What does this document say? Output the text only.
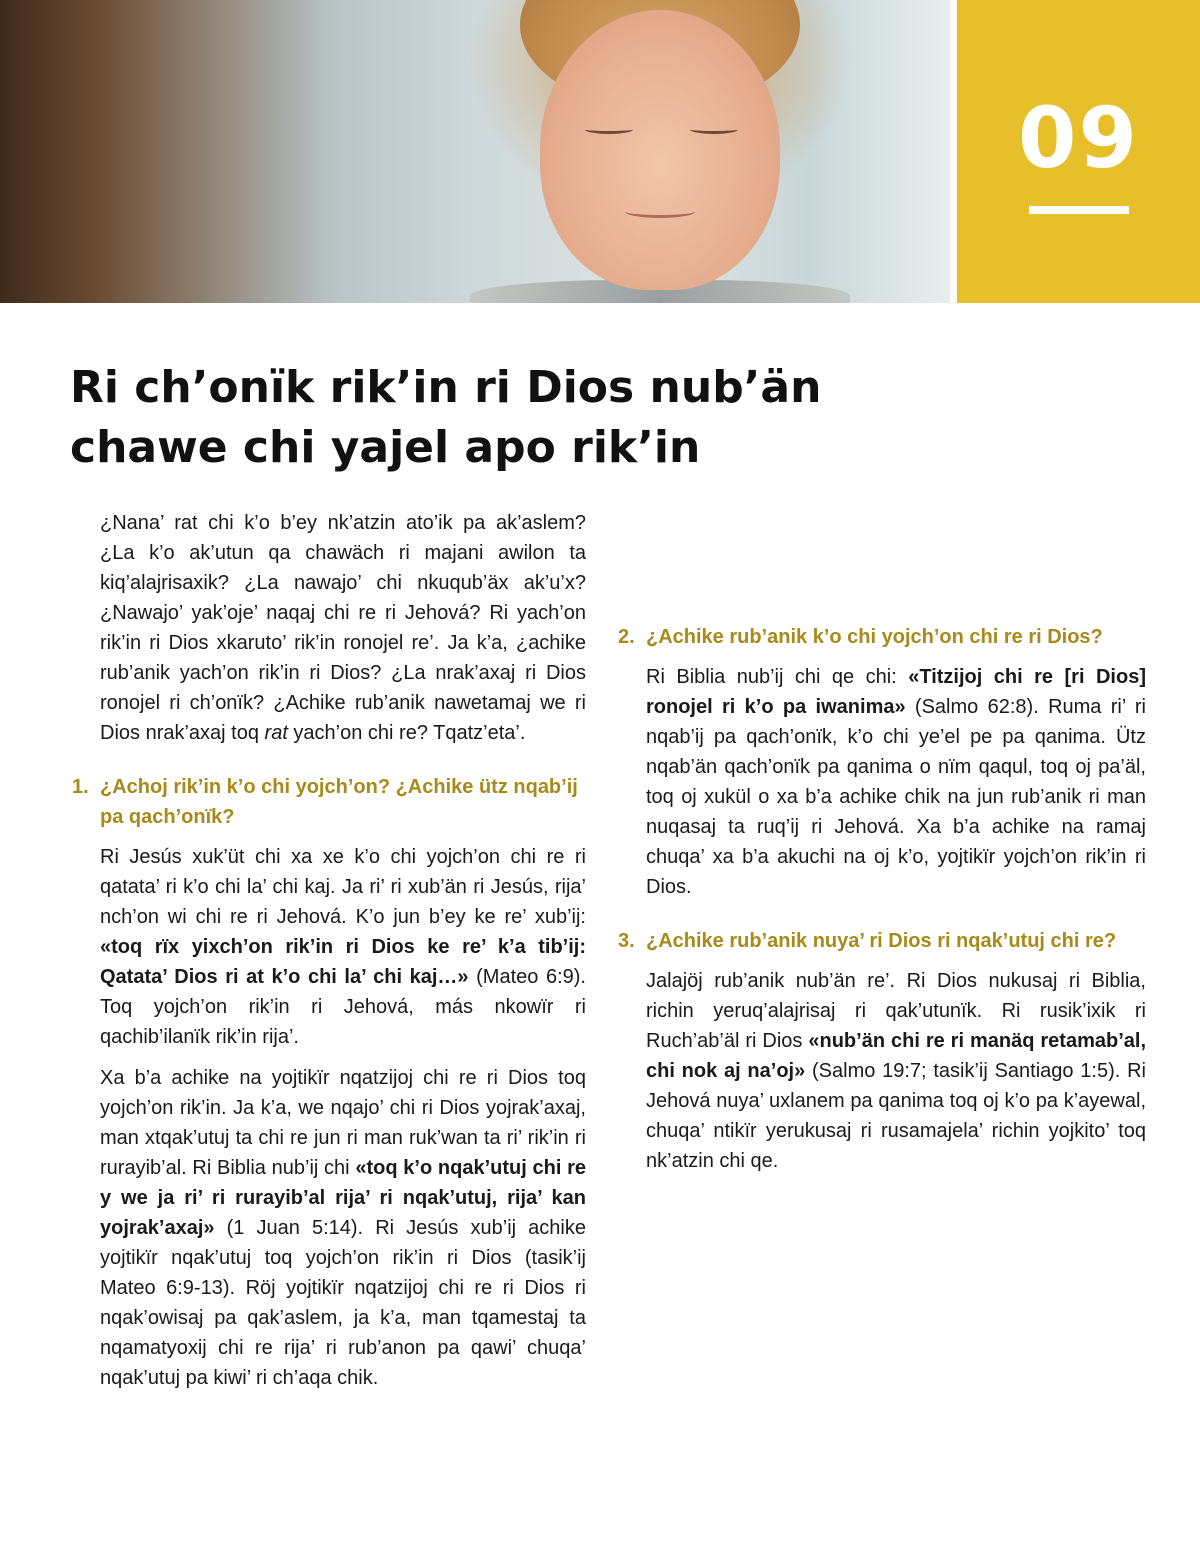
09
Ri ch’onïk rik’in ri Dios nub’än
chawe chi yajel apo rik’in

¿Nana’ rat chi k’o b’ey nk’atzin ato’ik pa ak’aslem? ¿La k’o ak’utun qa chawäch ri majani awilon ta kiq’alajrisaxik? ¿La nawajo’ chi nkuqub’äx ak’u’x? ¿Nawajo’ yak’oje’ naqaj chi re ri Jehová? Ri yach’on rik’in ri Dios xkaruto’ rik’in ronojel re’. Ja k’a, ¿achike rub’anik yach’on rik’in ri Dios? ¿La nrak’axaj ri Dios ronojel ri ch’onïk? ¿Achike rub’anik nawetamaj we ri Dios nrak’axaj toq rat yach’on chi re? Tqatz’eta’.

1. ¿Achoj rik’in k’o chi yojch’on? ¿Achike ütz nqab’ij pa qach’onïk?

Ri Jesús xuk’üt chi xa xe k’o chi yojch’on chi re ri qatata’ ri k’o chi la’ chi kaj. Ja ri’ ri xub’än ri Jesús, rija’ nch’on wi chi re ri Jehová. K’o jun b’ey ke re’ xub’ij: «toq rïx yixch’on rik’in ri Dios ke re’ k’a tib’ij: Qatata’ Dios ri at k’o chi la’ chi kaj…» (Mateo 6:9). Toq yojch’on rik’in ri Jehová, más nkowïr ri qachib’ilanïk rik’in rija’.

Xa b’a achike na yojtikïr nqatzijoj chi re ri Dios toq yojch’on rik’in. Ja k’a, we nqajo’ chi ri Dios yojrak’axaj, man xtqak’utuj ta chi re jun ri man ruk’wan ta ri’ rik’in ri rurayib’al. Ri Biblia nub’ij chi «toq k’o nqak’utuj chi re y we ja ri’ ri rurayib’al rija’ ri nqak’utuj, rija’ kan yojrak’axaj» (1 Juan 5:14). Ri Jesús xub’ij achike yojtikïr nqak’utuj toq yojch’on rik’in ri Dios (tasik’ij Mateo 6:9-13). Röj yojtikïr nqatzijoj chi re ri Dios ri nqak’owisaj pa qak’aslem, ja k’a, man tqamestaj ta nqamatyoxij chi re rija’ ri rub’anon pa qawi’ chuqa’ nqak’utuj pa kiwi’ ri ch’aqa chik.

2. ¿Achike rub’anik k’o chi yojch’on chi re ri Dios?

Ri Biblia nub’ij chi qe chi: «Titzijoj chi re [ri Dios] ronojel ri k’o pa iwanima» (Salmo 62:8). Ruma ri’ ri nqab’ij pa qach’onïk, k’o chi ye’el pe pa qanima. Ütz nqab’än qach’onïk pa qanima o nïm qaqul, toq oj pa’äl, toq oj xukül o xa b’a achike chik na jun rub’anik ri man nuqasaj ta ruq’ij ri Jehová. Xa b’a achike na ramaj chuqa’ xa b’a akuchi na oj k’o, yojtikïr yojch’on rik’in ri Dios.

3. ¿Achike rub’anik nuya’ ri Dios ri nqak’utuj chi re?

Jalajöj rub’anik nub’än re’. Ri Dios nukusaj ri Biblia, richin yeruq’alajrisaj ri qak’utunïk. Ri rusik’ixik ri Ruch’ab’äl ri Dios «nub’än chi re ri manäq retamab’al, chi nok aj na’oj» (Salmo 19:7; tasik’ij Santiago 1:5). Ri Jehová nuya’ uxlanem pa qanima toq oj k’o pa k’ayewal, chuqa’ ntikïr yerukusaj ri rusamajela’ richin yojkito’ toq nk’atzin chi qe.
